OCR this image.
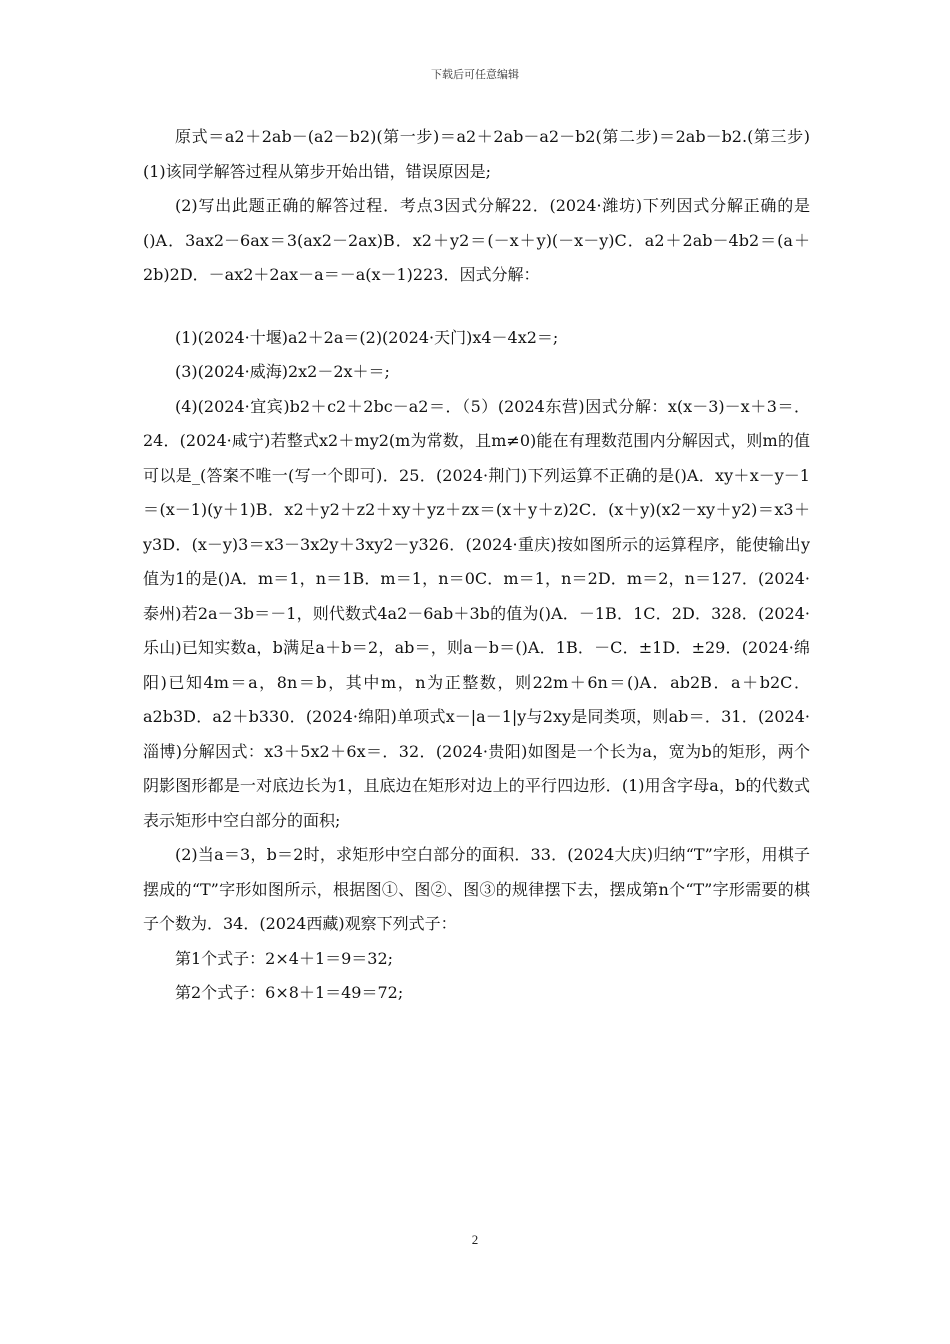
下载后可任意编辑

原式＝a2＋2ab－(a2－b2)(第一步)＝a2＋2ab－a2－b2(第二步)＝2ab－b2.(第三步)(1)该同学解答过程从第步开始出错，错误原因是;

(2)写出此题正确的解答过程．考点3因式分解22．(2024·潍坊)下列因式分解正确的是()A．3ax2－6ax＝3(ax2－2ax)B．x2＋y2＝(－x＋y)(－x－y)C．a2＋2ab－4b2＝(a＋2b)2D．－ax2＋2ax－a＝－a(x－1)223．因式分解：

(1)(2024·十堰)a2＋2a＝(2)(2024·天门)x4－4x2＝;

(3)(2024·威海)2x2－2x＋＝;

(4)(2024·宜宾)b2＋c2＋2bc－a2＝．（5）(2024东营)因式分解：x(x－3)－x＋3＝．24．(2024·咸宁)若整式x2＋my2(m为常数，且m≠0)能在有理数范围内分解因式，则m的值可以是_(答案不唯一(写一个即可)．25．(2024·荆门)下列运算不正确的是()A．xy＋x－y－1＝(x－1)(y＋1)B．x2＋y2＋z2＋xy＋yz＋zx＝(x＋y＋z)2C．(x＋y)(x2－xy＋y2)＝x3＋y3D．(x－y)3＝x3－3x2y＋3xy2－y326．(2024·重庆)按如图所示的运算程序，能使输出y值为1的是()A．m＝1，n＝1B．m＝1，n＝0C．m＝1，n＝2D．m＝2，n＝127．(2024·泰州)若2a－3b＝－1，则代数式4a2－6ab＋3b的值为()A．－1B．1C．2D．328．(2024·乐山)已知实数a，b满足a＋b＝2，ab＝，则a－b＝()A．1B．－C．±1D．±29．(2024·绵阳)已知4m＝a，8n＝b，其中m，n为正整数，则22m＋6n＝()A．ab2B．a＋b2C．a2b3D．a2＋b330．(2024·绵阳)单项式x－|a－1|y与2xy是同类项，则ab＝．31．(2024·淄博)分解因式：x3＋5x2＋6x＝．32．(2024·贵阳)如图是一个长为a，宽为b的矩形，两个阴影图形都是一对底边长为1，且底边在矩形对边上的平行四边形．(1)用含字母a，b的代数式表示矩形中空白部分的面积;

(2)当a＝3，b＝2时，求矩形中空白部分的面积．33．(2024大庆)归纳“T”字形，用棋子摆成的“T”字形如图所示，根据图①、图②、图③的规律摆下去，摆成第n个“T”字形需要的棋子个数为．34．(2024西藏)观察下列式子：

第1个式子：2×4＋1＝9＝32;

第2个式子：6×8＋1＝49＝72;

2
